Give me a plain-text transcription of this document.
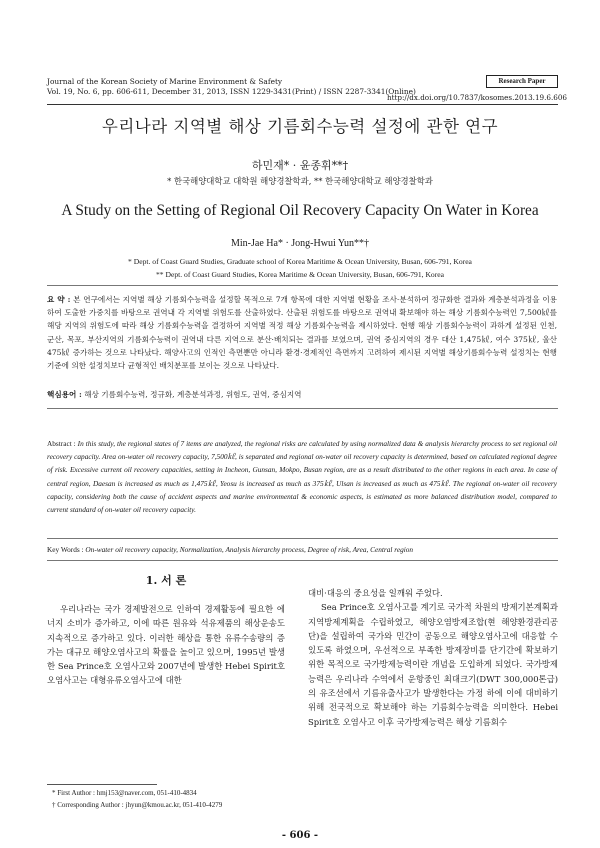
Journal of the Korean Society of Marine Environment & Safety
Vol. 19, No. 6, pp. 606-611, December 31, 2013, ISSN 1229-3431(Print) / ISSN 2287-3341(Online)
Research Paper
http://dx.doi.org/10.7837/kosomes.2013.19.6.606
우리나라 지역별 해상 기름회수능력 설정에 관한 연구
하민재* · 윤종휘**†
* 한국해양대학교 대학원 해양경찰학과, ** 한국해양대학교 해양경찰학과
A Study on the Setting of Regional Oil Recovery Capacity On Water in Korea
Min-Jae Ha* · Jong-Hwui Yun**†
* Dept. of Coast Guard Studies, Graduate school of Korea Maritime & Ocean University, Busan, 606-791, Korea
** Dept. of Coast Guard Studies, Korea Maritime & Ocean University, Busan, 606-791, Korea
요 약 : 본 연구에서는 지역별 해상 기름회수능력을 설정할 목적으로 7개 항목에 대한 지역별 현황을 조사·분석하여 정규화한 결과와 계층분석과정을 이용하여 도출한 가중치를 바탕으로 권역내 각 지역별 위험도를 산출하였다. 산출된 위험도를 바탕으로 권역내 확보해야 하는 해상 기름회수능력인 7,500㎘를 해당 지역의 위험도에 따라 해상 기름회수능력을 결정하여 지역별 적정 해상 기름회수능력을 제시하였다. 현행 해상 기름회수능력이 과하게 설정된 인천, 군산, 목포, 부산지역의 기름회수능력이 권역내 다른 지역으로 분산·배치되는 결과를 보였으며, 권역 중심지역의 경우 대산 1,475㎘, 여수 375㎘, 울산 475㎘ 증가하는 것으로 나타났다. 해양사고의 인적인 측면뿐만 아니라 환경·경제적인 측면까지 고려하여 제시된 지역별 해상기름회수능력 설정치는 현행 기준에 의한 설정치보다 균형적인 배치분포를 보이는 것으로 나타났다.
핵심용어 : 해상 기름회수능력, 정규화, 계층분석과정, 위험도, 권역, 중심지역
Abstract : In this study, the regional states of 7 items are analyzed, the regional risks are calculated by using normalized data & analysis hierarchy process to set regional oil recovery capacity. Area on-water oil recovery capacity, 7,500㎘, is separated and regional on-water oil recovery capacity is determined, based on calculated regional degree of risk. Excessive current oil recovery capacities, setting in Incheon, Gunsan, Mokpo, Busan region, are as a result distributed to the other regions in each area. In case of central region, Daesan is increased as much as 1,475㎘, Yeosu is increased as much as 375㎘, Ulsan is increased as much as 475㎘. The regional on-water oil recovery capacity, considering both the cause of accident aspects and marine environmental & economic aspects, is estimated as more balanced distribution model, compared to current standard of on-water oil recovery capacity.
Key Words : On-water oil recovery capacity, Normalization, Analysis hierarchy process, Degree of risk, Area, Central region
1. 서 론

우리나라는 국가 경제발전으로 인하여 경제활동에 필요한 에너지 소비가 증가하고, 이에 따른 원유와 석유제품의 해상운송도 지속적으로 증가하고 있다. 이러한 해상을 통한 유류수송량의 증가는 대규모 해양오염사고의 확률을 높이고 있으며, 1995년 발생한 Sea Prince호 오염사고와 2007년에 발생한 Hebei Spirit호 오염사고는 대형유류오염사고에 대한

대비·대응의 중요성을 일깨워 주었다.

Sea Prince호 오염사고를 계기로 국가적 차원의 방제기본계획과 지역방제계획을 수립하였고, 해양오염방제조합(현 해양환경관리공단)을 설립하여 국가와 민간이 공동으로 해양오염사고에 대응할 수 있도록 하였으며, 우선적으로 부족한 방제장비를 단기간에 확보하기 위한 목적으로 국가방제능력이란 개념을 도입하게 되었다. 국가방제능력은 우리나라 수역에서 운항중인 최대크기(DWT 300,000톤급)의 유조선에서 기름유출사고가 발생한다는 가정 하에 이에 대비하기 위해 전국적으로 확보해야 하는 기름회수능력을 의미한다. Hebei Spirit호 오염사고 이후 국가방제능력은 해상 기름회수

* First Author : hmj153@naver.com, 051-410-4834
† Corresponding Author : jhyun@kmou.ac.kr, 051-410-4279
- 606 -
